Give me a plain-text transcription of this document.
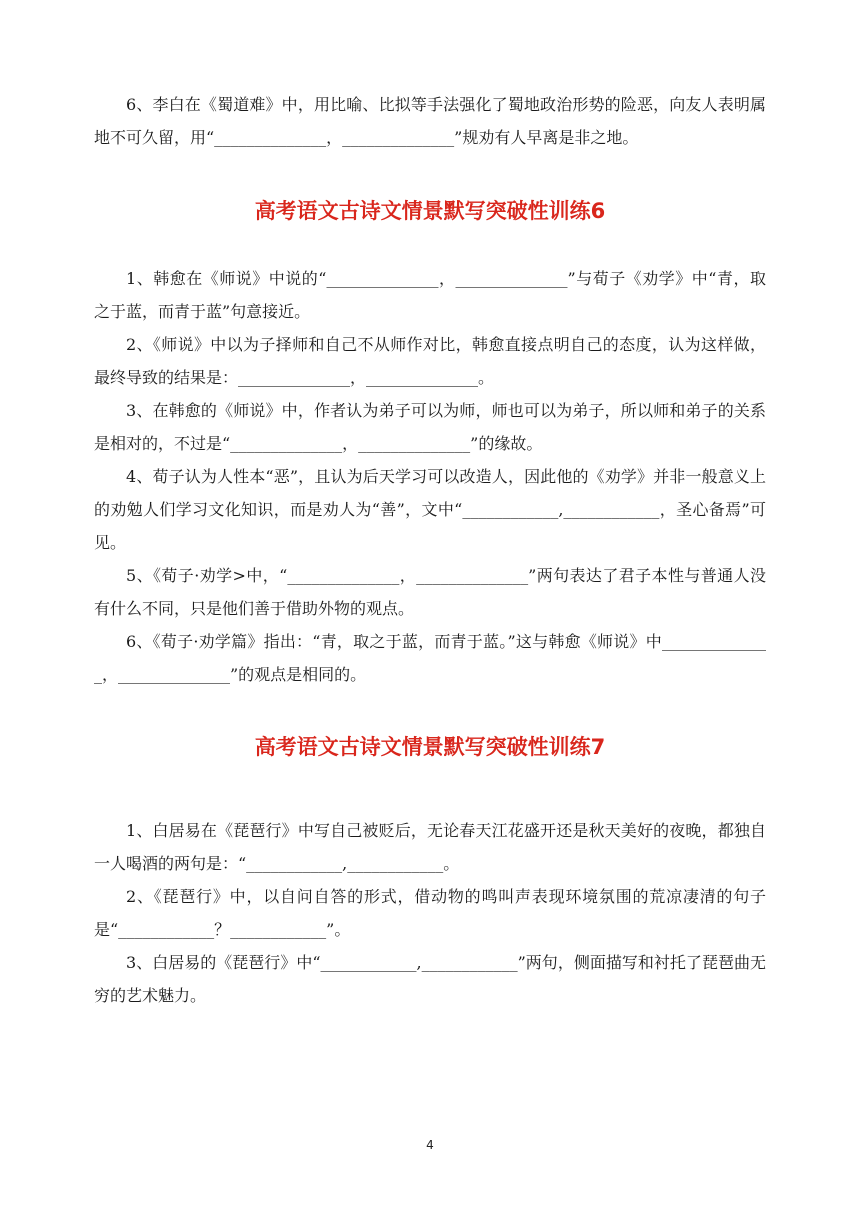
6、李白在《蜀道难》中，用比喻、比拟等手法强化了蜀地政治形势的险恶，向友人表明属地不可久留，用“______________，______________”规劝有人早离是非之地。

高考语文古诗文情景默写突破性训练6

1、韩愈在《师说》中说的“______________，______________”与荀子《劝学》中“青，取之于蓝，而青于蓝”句意接近。

2、《师说》中以为子择师和自己不从师作对比，韩愈直接点明自己的态度，认为这样做，最终导致的结果是：______________，______________。

3、在韩愈的《师说》中，作者认为弟子可以为师，师也可以为弟子，所以师和弟子的关系是相对的，不过是“______________，______________”的缘故。

4、荀子认为人性本“恶”，且认为后天学习可以改造人，因此他的《劝学》并非一般意义上的劝勉人们学习文化知识，而是劝人为“善”，文中“____________,____________，圣心备焉”可见。

5、《荀子·劝学>中，“______________，______________”两句表达了君子本性与普通人没有什么不同，只是他们善于借助外物的观点。

6、《荀子·劝学篇》指出：“青，取之于蓝，而青于蓝。”这与韩愈《师说》中______________，______________”的观点是相同的。

高考语文古诗文情景默写突破性训练7

1、白居易在《琵琶行》中写自己被贬后，无论春天江花盛开还是秋天美好的夜晚，都独自一人喝酒的两句是：“____________,____________。

2、《琵琶行》中，以自问自答的形式，借动物的鸣叫声表现环境氛围的荒凉凄清的句子是“____________？____________”。

3、白居易的《琵琶行》中“____________,____________”两句，侧面描写和衬托了琵琶曲无穷的艺术魅力。

4
